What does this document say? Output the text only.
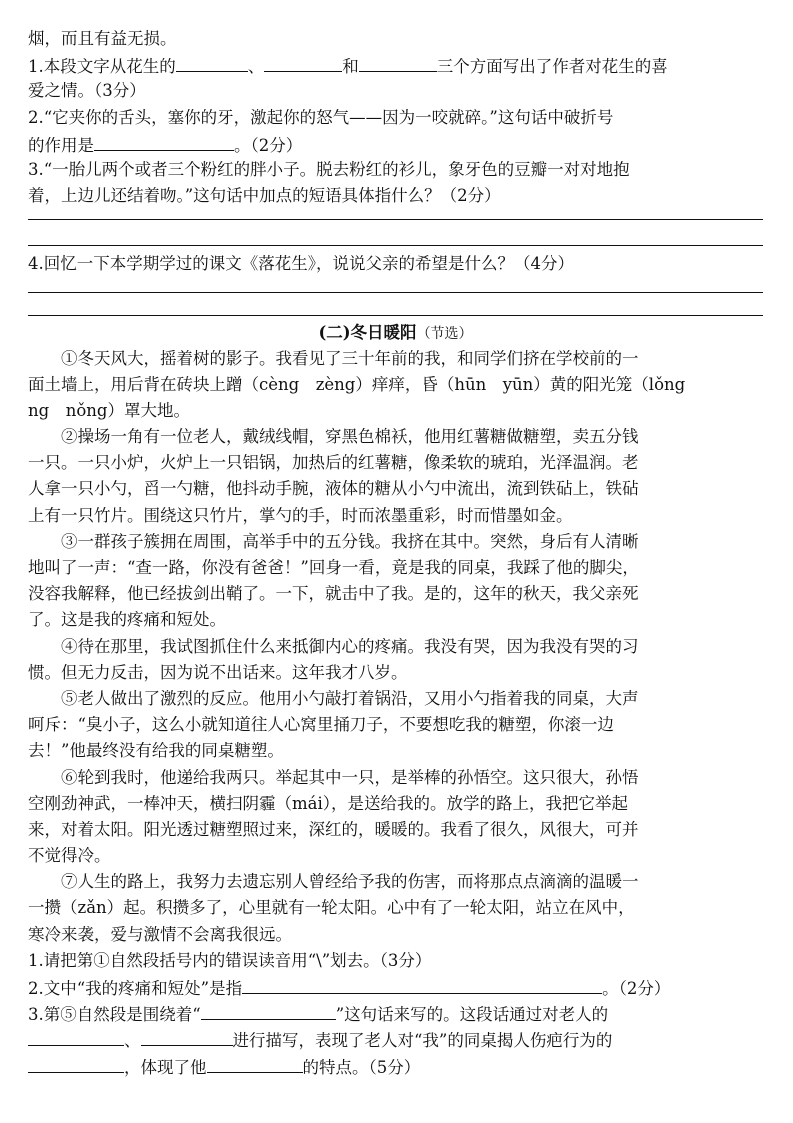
烟，而且有益无损。
1.本段文字从花生的	、	和	三个方面写出了作者对花生的喜
爱之情。（3分）
2.“它夹你的舌头，塞你的牙，激起你的怒气——因为一咬就碎。”这句话中破折号
的作用是	。（2分）
3.“一胎儿两个或者三个粉红的胖小子。脱去粉红的衫儿，象牙色的豆瓣一对对地抱
着，上边儿还结着吻。”这句话中加点的短语具体指什么？（2分）
4.回忆一下本学期学过的课文《落花生》，说说父亲的希望是什么？（4分）
(二)冬日暖阳（节选）
①冬天风大，摇着树的影子。我看见了三十年前的我，和同学们挤在学校前的一
面土墙上，用后背在砖块上蹭（cèng　zèng）痒痒，昏（hūn　yūn）黄的阳光笼（lǒng
ng　nǒng）罩大地。
②操场一角有一位老人，戴绒线帽，穿黑色棉袄，他用红薯糖做糖塑，卖五分钱
一只。一只小炉，火炉上一只铝锅，加热后的红薯糖，像柔软的琥珀，光泽温润。老
人拿一只小勺，舀一勺糖，他抖动手腕，液体的糖从小勺中流出，流到铁砧上，铁砧
上有一只竹片。围绕这只竹片，掌勺的手，时而浓墨重彩，时而惜墨如金。
③一群孩子簇拥在周围，高举手中的五分钱。我挤在其中。突然，身后有人清晰
地叫了一声：“查一路，你没有爸爸！”回身一看，竟是我的同桌，我踩了他的脚尖，
没容我解释，他已经拔剑出鞘了。一下，就击中了我。是的，这年的秋天，我父亲死
了。这是我的疼痛和短处。
④待在那里，我试图抓住什么来抵御内心的疼痛。我没有哭，因为我没有哭的习
惯。但无力反击，因为说不出话来。这年我才八岁。
⑤老人做出了激烈的反应。他用小勺敲打着锅沿，又用小勺指着我的同桌，大声
呵斥：“臭小子，这么小就知道往人心窝里捅刀子，不要想吃我的糖塑，你滚一边
去！”他最终没有给我的同桌糖塑。
⑥轮到我时，他递给我两只。举起其中一只，是举棒的孙悟空。这只很大，孙悟
空刚劲神武，一棒冲天，横扫阴霾（mái），是送给我的。放学的路上，我把它举起
来，对着太阳。阳光透过糖塑照过来，深红的，暖暖的。我看了很久，风很大，可并
不觉得冷。
⑦人生的路上，我努力去遗忘别人曾经给予我的伤害，而将那点点滴滴的温暖一
一攒（zǎn）起。积攒多了，心里就有一轮太阳。心中有了一轮太阳，站立在风中，
寒冷来袭，爱与激情不会离我很远。
1.请把第①自然段括号内的错误读音用“\”划去。（3分）
2.文中“我的疼痛和短处”是指	。（2分）
3.第⑤自然段是围绕着“	”这句话来写的。这段话通过对老人的
、	进行描写，表现了老人对“我”的同桌揭人伤疤行为的
，体现了他	的特点。（5分）
